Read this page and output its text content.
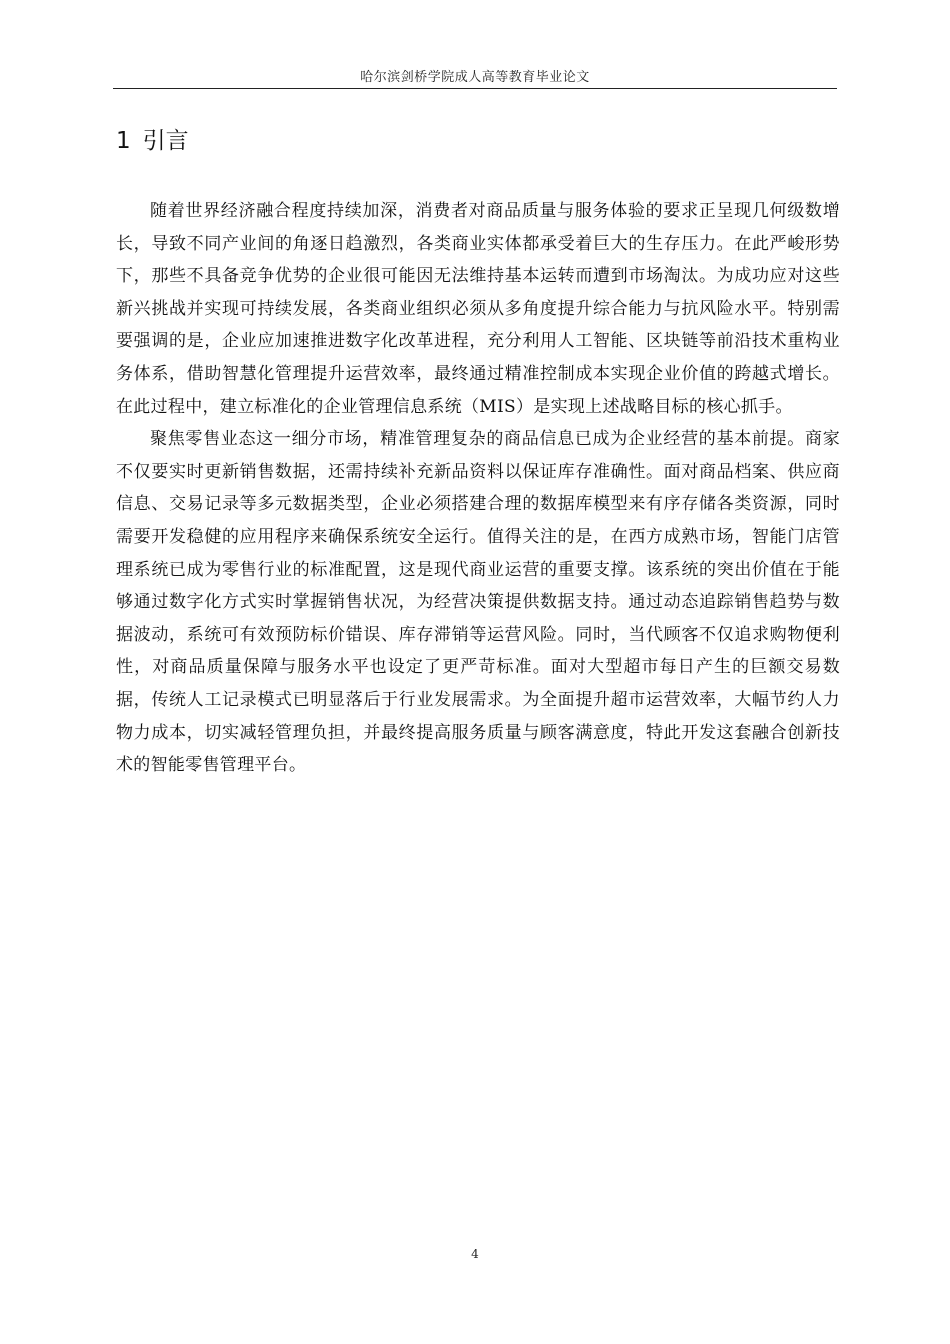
哈尔滨剑桥学院成人高等教育毕业论文
1 引言

随着世界经济融合程度持续加深，消费者对商品质量与服务体验的要求正呈现几何级数增长，导致不同产业间的角逐日趋激烈，各类商业实体都承受着巨大的生存压力。在此严峻形势下，那些不具备竞争优势的企业很可能因无法维持基本运转而遭到市场淘汰。为成功应对这些新兴挑战并实现可持续发展，各类商业组织必须从多角度提升综合能力与抗风险水平。特别需要强调的是，企业应加速推进数字化改革进程，充分利用人工智能、区块链等前沿技术重构业务体系，借助智慧化管理提升运营效率，最终通过精准控制成本实现企业价值的跨越式增长。在此过程中，建立标准化的企业管理信息系统（MIS）是实现上述战略目标的核心抓手。

聚焦零售业态这一细分市场，精准管理复杂的商品信息已成为企业经营的基本前提。商家不仅要实时更新销售数据，还需持续补充新品资料以保证库存准确性。面对商品档案、供应商信息、交易记录等多元数据类型，企业必须搭建合理的数据库模型来有序存储各类资源，同时需要开发稳健的应用程序来确保系统安全运行。值得关注的是，在西方成熟市场，智能门店管理系统已成为零售行业的标准配置，这是现代商业运营的重要支撑。该系统的突出价值在于能够通过数字化方式实时掌握销售状况，为经营决策提供数据支持。通过动态追踪销售趋势与数据波动，系统可有效预防标价错误、库存滞销等运营风险。同时，当代顾客不仅追求购物便利性，对商品质量保障与服务水平也设定了更严苛标准。面对大型超市每日产生的巨额交易数据，传统人工记录模式已明显落后于行业发展需求。为全面提升超市运营效率，大幅节约人力物力成本，切实减轻管理负担，并最终提高服务质量与顾客满意度，特此开发这套融合创新技术的智能零售管理平台。

4
